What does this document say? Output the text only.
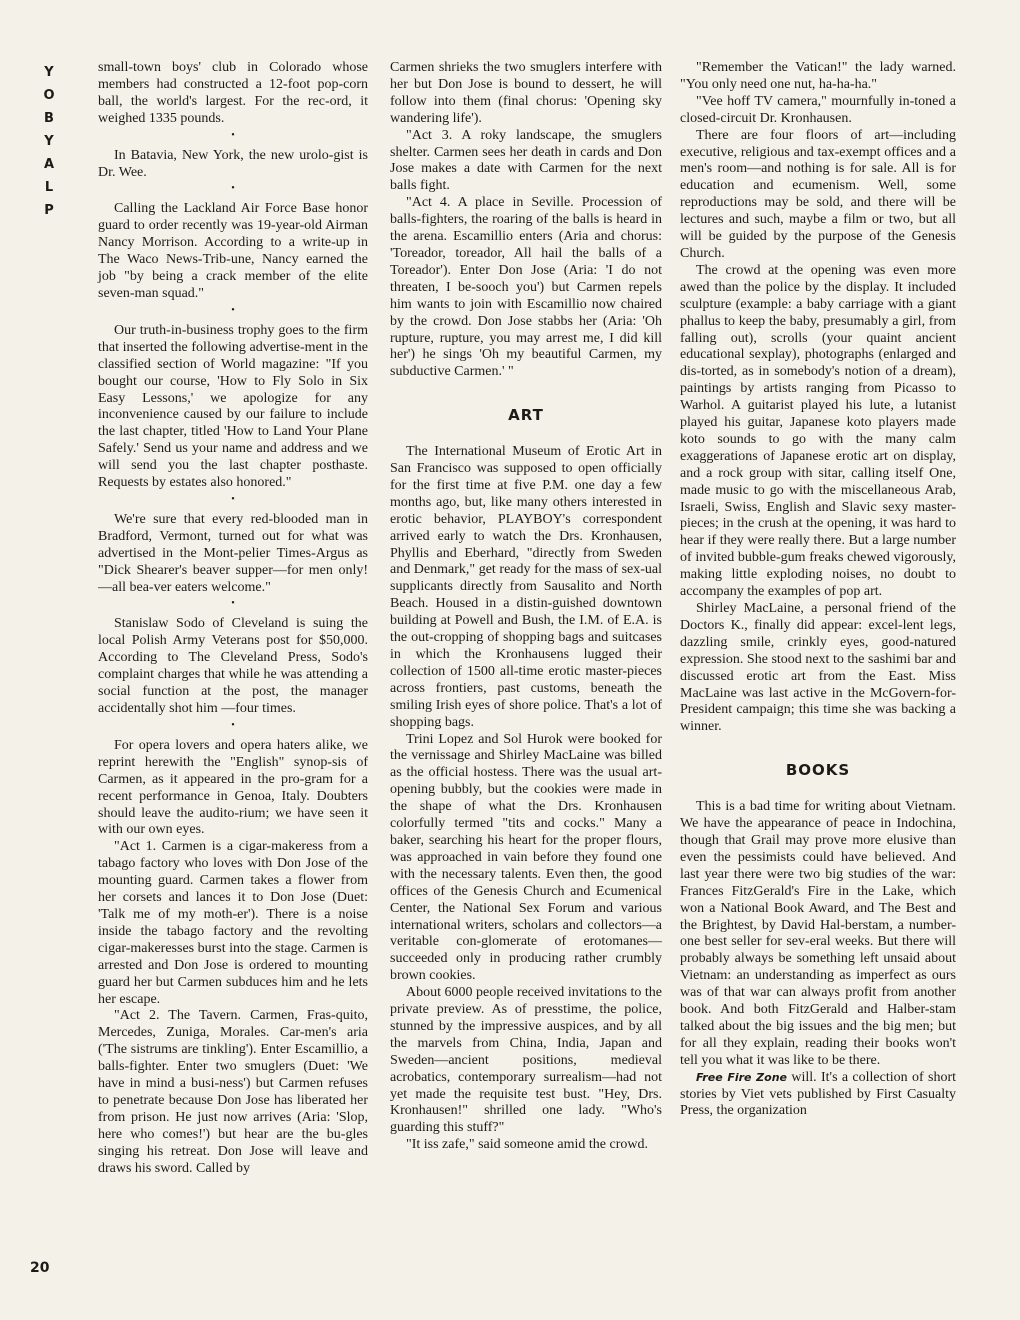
Y
O
B
Y
A
L
P
20

small-town boys' club in Colorado whose members had constructed a 12-foot pop-corn ball, the world's largest. For the rec-ord, it weighed 1335 pounds.

•

In Batavia, New York, the new urolo-gist is Dr. Wee.

•

Calling the Lackland Air Force Base honor guard to order recently was 19-year-old Airman Nancy Morrison. According to a write-up in The Waco News-Trib-une, Nancy earned the job "by being a crack member of the elite seven-man squad."

•

Our truth-in-business trophy goes to the firm that inserted the following advertise-ment in the classified section of World magazine: "If you bought our course, 'How to Fly Solo in Six Easy Lessons,' we apologize for any inconvenience caused by our failure to include the last chapter, titled 'How to Land Your Plane Safely.' Send us your name and address and we will send you the last chapter posthaste. Requests by estates also honored."

•

We're sure that every red-blooded man in Bradford, Vermont, turned out for what was advertised in the Mont-pelier Times-Argus as "Dick Shearer's beaver supper—for men only!—all bea-ver eaters welcome."

•

Stanislaw Sodo of Cleveland is suing the local Polish Army Veterans post for $50,000. According to The Cleveland Press, Sodo's complaint charges that while he was attending a social function at the post, the manager accidentally shot him —four times.

•

For opera lovers and opera haters alike, we reprint herewith the "English" synop-sis of Carmen, as it appeared in the pro-gram for a recent performance in Genoa, Italy. Doubters should leave the audito-rium; we have seen it with our own eyes.

"Act 1. Carmen is a cigar-makeress from a tabago factory who loves with Don Jose of the mounting guard. Carmen takes a flower from her corsets and lances it to Don Jose (Duet: 'Talk me of my moth-er'). There is a noise inside the tabago factory and the revolting cigar-makeresses burst into the stage. Carmen is arrested and Don Jose is ordered to mounting guard her but Carmen subduces him and he lets her escape.

"Act 2. The Tavern. Carmen, Fras-quito, Mercedes, Zuniga, Morales. Car-men's aria ('The sistrums are tinkling'). Enter Escamillio, a balls-fighter. Enter two smuglers (Duet: 'We have in mind a busi-ness') but Carmen refuses to penetrate because Don Jose has liberated her from prison. He just now arrives (Aria: 'Slop, here who comes!') but hear are the bu-gles singing his retreat. Don Jose will leave and draws his sword. Called by

Carmen shrieks the two smuglers interfere with her but Don Jose is bound to dessert, he will follow into them (final chorus: 'Opening sky wandering life').

"Act 3. A roky landscape, the smuglers shelter. Carmen sees her death in cards and Don Jose makes a date with Carmen for the next balls fight.

"Act 4. A place in Seville. Procession of balls-fighters, the roaring of the balls is heard in the arena. Escamillio enters (Aria and chorus: 'Toreador, toreador, All hail the balls of a Toreador'). Enter Don Jose (Aria: 'I do not threaten, I be-sooch you') but Carmen repels him wants to join with Escamillio now chaired by the crowd. Don Jose stabbs her (Aria: 'Oh rupture, rupture, you may arrest me, I did kill her') he sings 'Oh my beautiful Carmen, my subductive Carmen.' "

ART

The International Museum of Erotic Art in San Francisco was supposed to open officially for the first time at five P.M. one day a few months ago, but, like many others interested in erotic behavior, PLAYBOY's correspondent arrived early to watch the Drs. Kronhausen, Phyllis and Eberhard, "directly from Sweden and Denmark," get ready for the mass of sex-ual supplicants directly from Sausalito and North Beach. Housed in a distin-guished downtown building at Powell and Bush, the I.M. of E.A. is the out-cropping of shopping bags and suitcases in which the Kronhausens lugged their collection of 1500 all-time erotic master-pieces across frontiers, past customs, beneath the smiling Irish eyes of shore police. That's a lot of shopping bags.

Trini Lopez and Sol Hurok were booked for the vernissage and Shirley MacLaine was billed as the official hostess. There was the usual art-opening bubbly, but the cookies were made in the shape of what the Drs. Kronhausen colorfully termed "tits and cocks." Many a baker, searching his heart for the proper flours, was approached in vain before they found one with the necessary talents. Even then, the good offices of the Genesis Church and Ecumenical Center, the National Sex Forum and various international writers, scholars and collectors—a veritable con-glomerate of erotomanes—succeeded only in producing rather crumbly brown cookies.

About 6000 people received invitations to the private preview. As of presstime, the police, stunned by the impressive auspices, and by all the marvels from China, India, Japan and Sweden—ancient positions, medieval acrobatics, contemporary surrealism—had not yet made the requisite test bust. "Hey, Drs. Kronhausen!" shrilled one lady. "Who's guarding this stuff?"

"It iss zafe," said someone amid the crowd.

"Remember the Vatican!" the lady warned. "You only need one nut, ha-ha-ha."

"Vee hoff TV camera," mournfully in-toned a closed-circuit Dr. Kronhausen.

There are four floors of art—including executive, religious and tax-exempt offices and a men's room—and nothing is for sale. All is for education and ecumenism. Well, some reproductions may be sold, and there will be lectures and such, maybe a film or two, but all will be guided by the purpose of the Genesis Church.

The crowd at the opening was even more awed than the police by the display. It included sculpture (example: a baby carriage with a giant phallus to keep the baby, presumably a girl, from falling out), scrolls (your quaint ancient educational sexplay), photographs (enlarged and dis-torted, as in somebody's notion of a dream), paintings by artists ranging from Picasso to Warhol. A guitarist played his lute, a lutanist played his guitar, Japanese koto players made koto sounds to go with the many calm exaggerations of Japanese erotic art on display, and a rock group with sitar, calling itself One, made music to go with the miscellaneous Arab, Israeli, Swiss, English and Slavic sexy master-pieces; in the crush at the opening, it was hard to hear if they were really there. But a large number of invited bubble-gum freaks chewed vigorously, making little exploding noises, no doubt to accompany the examples of pop art.

Shirley MacLaine, a personal friend of the Doctors K., finally did appear: excel-lent legs, dazzling smile, crinkly eyes, good-natured expression. She stood next to the sashimi bar and discussed erotic art from the East. Miss MacLaine was last active in the McGovern-for-President campaign; this time she was backing a winner.

BOOKS

This is a bad time for writing about Vietnam. We have the appearance of peace in Indochina, though that Grail may prove more elusive than even the pessimists could have believed. And last year there were two big studies of the war: Frances FitzGerald's Fire in the Lake, which won a National Book Award, and The Best and the Brightest, by David Hal-berstam, a number-one best seller for sev-eral weeks. But there will probably always be something left unsaid about Vietnam: an understanding as imperfect as ours was of that war can always profit from another book. And both FitzGerald and Halber-stam talked about the big issues and the big men; but for all they explain, reading their books won't tell you what it was like to be there.

Free Fire Zone will. It's a collection of short stories by Viet vets published by First Casualty Press, the organization
